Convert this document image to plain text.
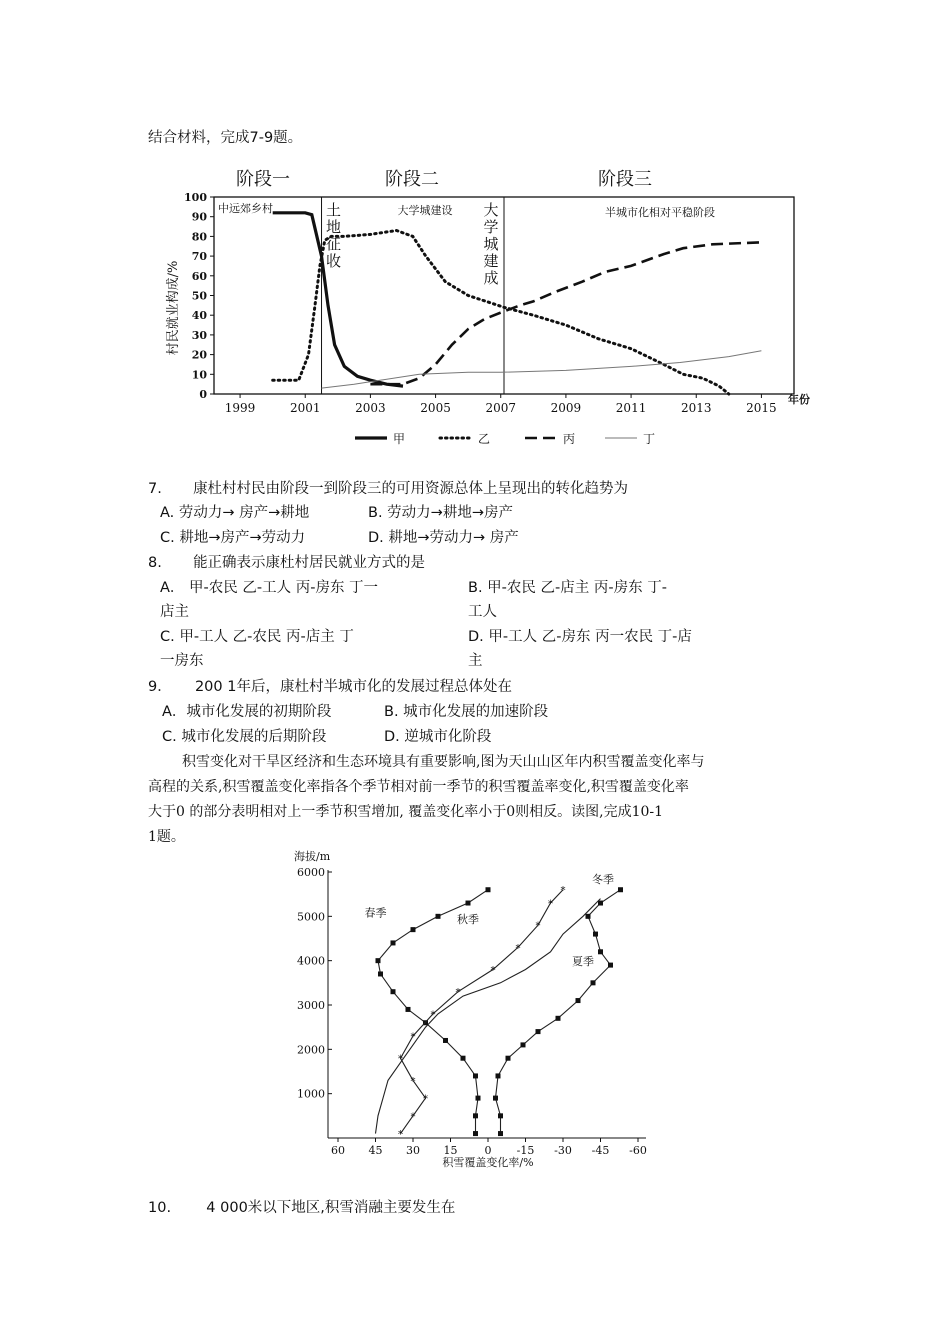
结合材料，完成7-9题。
阶段一	阶段二	阶段三
中远郊乡村	大学城建设	半城市化相对平稳阶段
村民就业构成/%
年份
0
10
20
30
40
50
60
70
80
90
100
1999	2001	2003	2005	2007	2009	2011	2013	2015
土
地
征
收
大
学
城
建
成
甲	乙	丙	丁
7. 康杜村村民由阶段一到阶段三的可用资源总体上呈现出的转化趋势为
A. 劳动力→ 房产→耕地	B. 劳动力→耕地→房产
C. 耕地→房产→劳动力	D. 耕地→劳动力→ 房产
8. 能正确表示康杜村居民就业方式的是
A． 甲-农民 乙-工人 丙-房东 丁一	B. 甲-农民 乙-店主 丙-房东 丁-
店主	工人
C. 甲-工人 乙-农民 丙-店主 丁	D. 甲-工人 乙-房东 丙一农民 丁-店
一房东	主
9． 200 1年后，康杜村半城市化的发展过程总体处在
A．城市化发展的初期阶段	B. 城市化发展的加速阶段
C. 城市化发展的后期阶段	D. 逆城市化阶段
积雪变化对干旱区经济和生态环境具有重要影响,图为天山山区年内积雪覆盖变化率与
高程的关系,积雪覆盖变化率指各个季节相对前一季节的积雪覆盖率变化,积雪覆盖变化率
大于0 的部分表明相对上一季节积雪增加, 覆盖变化率小于0则相反。读图,完成10-1
1题。
海拔/m
积雪覆盖变化率/%
1000
2000
3000
4000
5000
6000
60 45 30 15 0 -15 -30 -45 -60
冬季
春季
夏季
*
*
*
*
*
*
*
*
*
*
*
*
*
秋季
10. 4 000米以下地区,积雪消融主要发生在
